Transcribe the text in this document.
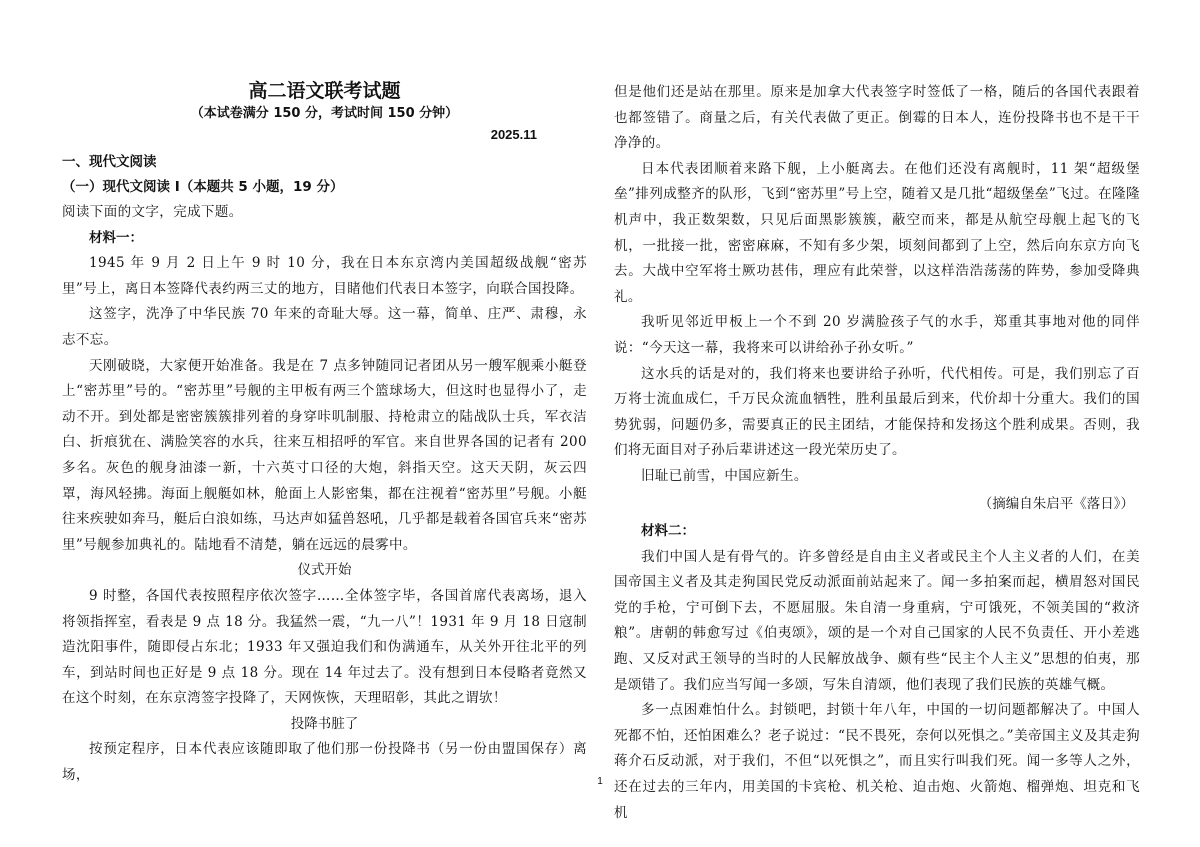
高二语文联考试题

（本试卷满分 150 分，考试时间 150 分钟）

2025.11

一、现代文阅读

（一）现代文阅读 I（本题共 5 小题，19 分）

阅读下面的文字，完成下题。

材料一：

1945 年 9 月 2 日上午 9 时 10 分，我在日本东京湾内美国超级战舰“密苏里”号上，离日本签降代表约两三丈的地方，目睹他们代表日本签字，向联合国投降。

这签字，洗净了中华民族 70 年来的奇耻大辱。这一幕，简单、庄严、肃穆，永志不忘。

天刚破晓，大家便开始准备。我是在 7 点多钟随同记者团从另一艘军舰乘小艇登上“密苏里”号的。“密苏里”号舰的主甲板有两三个篮球场大，但这时也显得小了，走动不开。到处都是密密簇簇排列着的身穿咔叽制服、持枪肃立的陆战队士兵，军衣洁白、折痕犹在、满脸笑容的水兵，往来互相招呼的军官。来自世界各国的记者有 200 多名。灰色的舰身油漆一新，十六英寸口径的大炮，斜指天空。这天天阴，灰云四罩，海风轻拂。海面上舰艇如林，舱面上人影密集，都在注视着“密苏里”号舰。小艇往来疾驶如奔马，艇后白浪如练，马达声如猛兽怒吼，几乎都是载着各国官兵来“密苏里”号舰参加典礼的。陆地看不清楚，躺在远远的晨雾中。

仪式开始

9 时整，各国代表按照程序依次签字……全体签字毕，各国首席代表离场，退入将领指挥室，看表是 9 点 18 分。我猛然一震，“九一八”！1931 年 9 月 18 日寇制造沈阳事件，随即侵占东北；1933 年又强迫我们和伪满通车，从关外开往北平的列车，到站时间也正好是 9 点 18 分。现在 14 年过去了。没有想到日本侵略者竟然又在这个时刻，在东京湾签字投降了，天网恢恢，天理昭彰，其此之谓欤！

投降书脏了

按预定程序，日本代表应该随即取了他们那一份投降书（另一份由盟国保存）离场，

但是他们还是站在那里。原来是加拿大代表签字时签低了一格，随后的各国代表跟着也都签错了。商量之后，有关代表做了更正。倒霉的日本人，连份投降书也不是干干净净的。

日本代表团顺着来路下舰，上小艇离去。在他们还没有离舰时，11 架“超级堡垒”排列成整齐的队形，飞到“密苏里”号上空，随着又是几批“超级堡垒”飞过。在隆隆机声中，我正数架数，只见后面黑影簇簇，蔽空而来，都是从航空母舰上起飞的飞机，一批接一批，密密麻麻，不知有多少架，顷刻间都到了上空，然后向东京方向飞去。大战中空军将士厥功甚伟，理应有此荣誉，以这样浩浩荡荡的阵势，参加受降典礼。

我听见邻近甲板上一个不到 20 岁满脸孩子气的水手，郑重其事地对他的同伴说：“今天这一幕，我将来可以讲给孙子孙女听。”

这水兵的话是对的，我们将来也要讲给子孙听，代代相传。可是，我们别忘了百万将士流血成仁，千万民众流血牺牲，胜利虽最后到来，代价却十分重大。我们的国势犹弱，问题仍多，需要真正的民主团结，才能保持和发扬这个胜利成果。否则，我们将无面目对子孙后辈讲述这一段光荣历史了。

旧耻已前雪，中国应新生。

（摘编自朱启平《落日》）

材料二：

我们中国人是有骨气的。许多曾经是自由主义者或民主个人主义者的人们，在美国帝国主义者及其走狗国民党反动派面前站起来了。闻一多拍案而起，横眉怒对国民党的手枪，宁可倒下去，不愿屈服。朱自清一身重病，宁可饿死，不领美国的“救济粮”。唐朝的韩愈写过《伯夷颂》，颂的是一个对自己国家的人民不负责任、开小差逃跑、又反对武王领导的当时的人民解放战争、颇有些“民主个人主义”思想的伯夷，那是颂错了。我们应当写闻一多颂，写朱自清颂，他们表现了我们民族的英雄气概。

多一点困难怕什么。封锁吧，封锁十年八年，中国的一切问题都解决了。中国人死都不怕，还怕困难么？老子说过：“民不畏死，奈何以死惧之。”美帝国主义及其走狗蒋介石反动派，对于我们，不但“以死惧之”，而且实行叫我们死。闻一多等人之外，还在过去的三年内，用美国的卡宾枪、机关枪、迫击炮、火箭炮、榴弹炮、坦克和飞机

1
